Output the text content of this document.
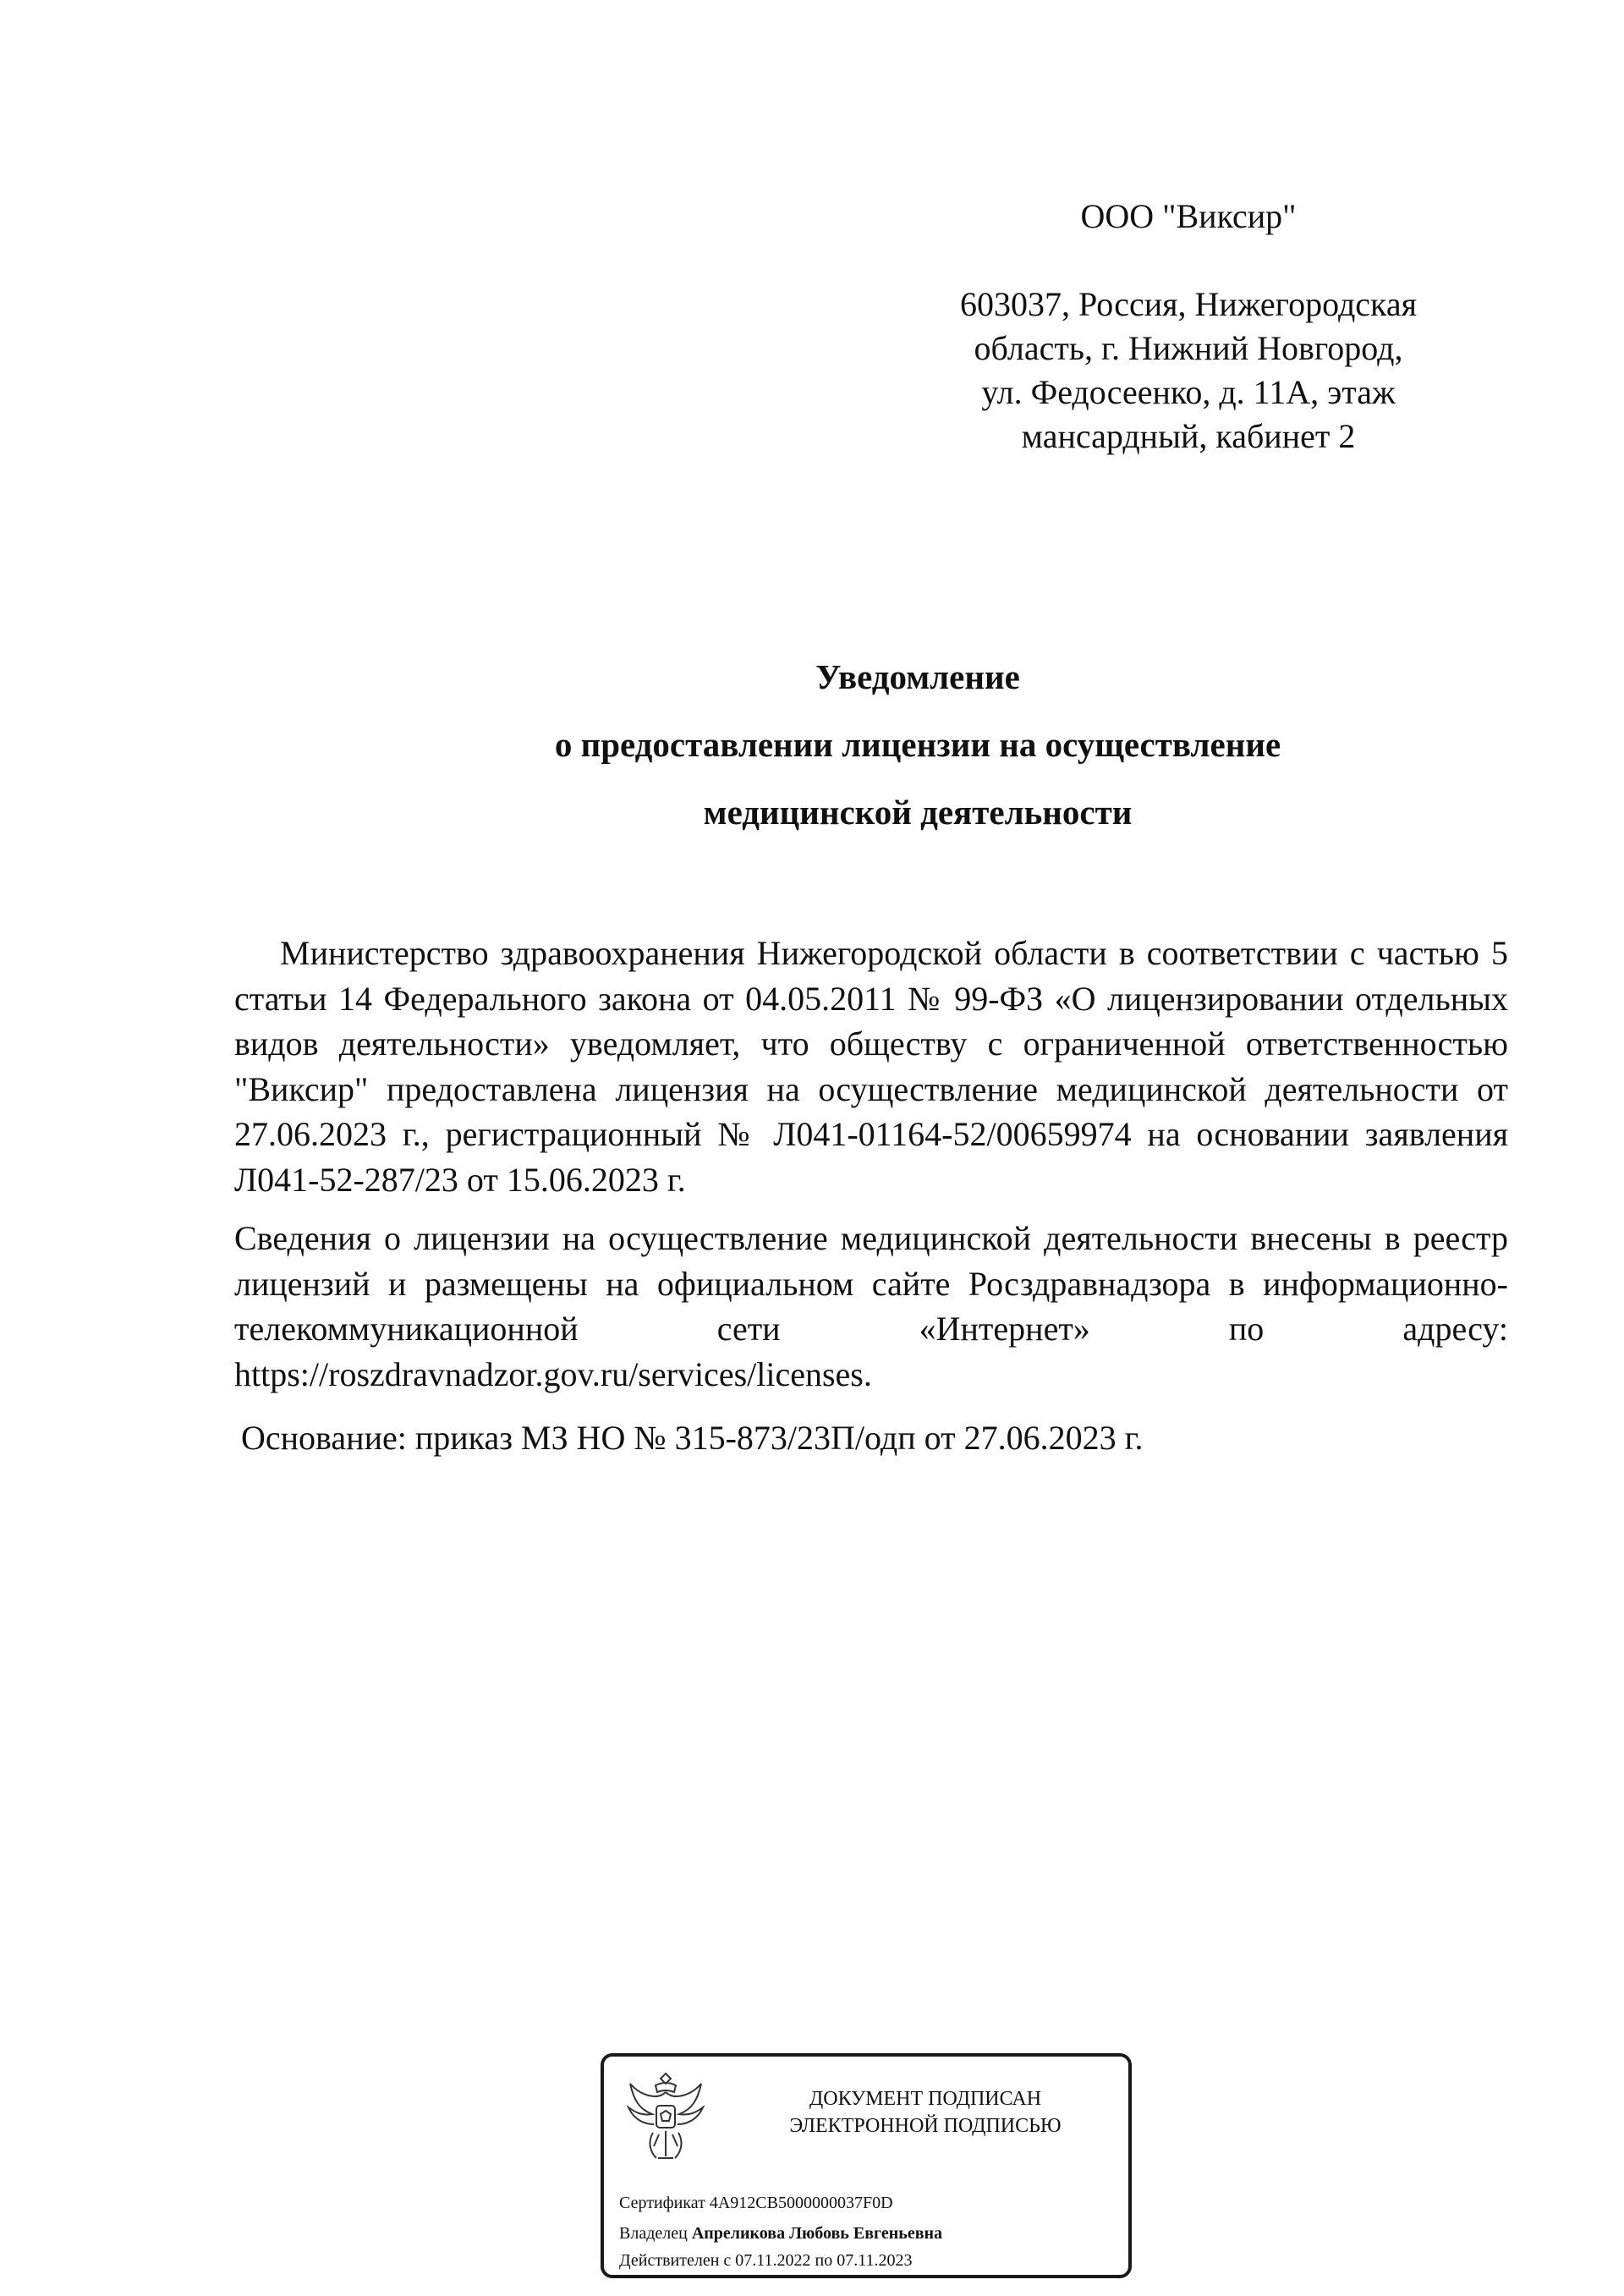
ООО "Виксир"
603037, Россия, Нижегородская
область, г. Нижний Новгород,
ул. Федосеенко, д. 11А, этаж
мансардный, кабинет 2
Уведомление
о предоставлении лицензии на осуществление
медицинской деятельности

Министерство здравоохранения Нижегородской области в соответствии с частью 5 статьи 14 Федерального закона от 04.05.2011 № 99-ФЗ «О лицензировании отдельных видов деятельности» уведомляет, что обществу с ограниченной ответственностью "Виксир" предоставлена лицензия на осуществление медицинской деятельности от 27.06.2023 г., регистрационный № Л041-01164-52/00659974 на основании заявления Л041-52-287/23 от 15.06.2023 г.

Сведения о лицензии на осуществление медицинской деятельности внесены в реестр лицензий и размещены на официальном сайте Росздравнадзора в информационно-телекоммуникационной сети «Интернет» по адресу: https://roszdravnadzor.gov.ru/services/licenses.

Основание: приказ МЗ НО № 315-873/23П/одп от 27.06.2023 г.

ДОКУМЕНТ ПОДПИСАН
ЭЛЕКТРОННОЙ ПОДПИСЬЮ
Сертификат 4A912CB5000000037F0D
Владелец Апреликова Любовь Евгеньевна
Действителен с 07.11.2022 по 07.11.2023
